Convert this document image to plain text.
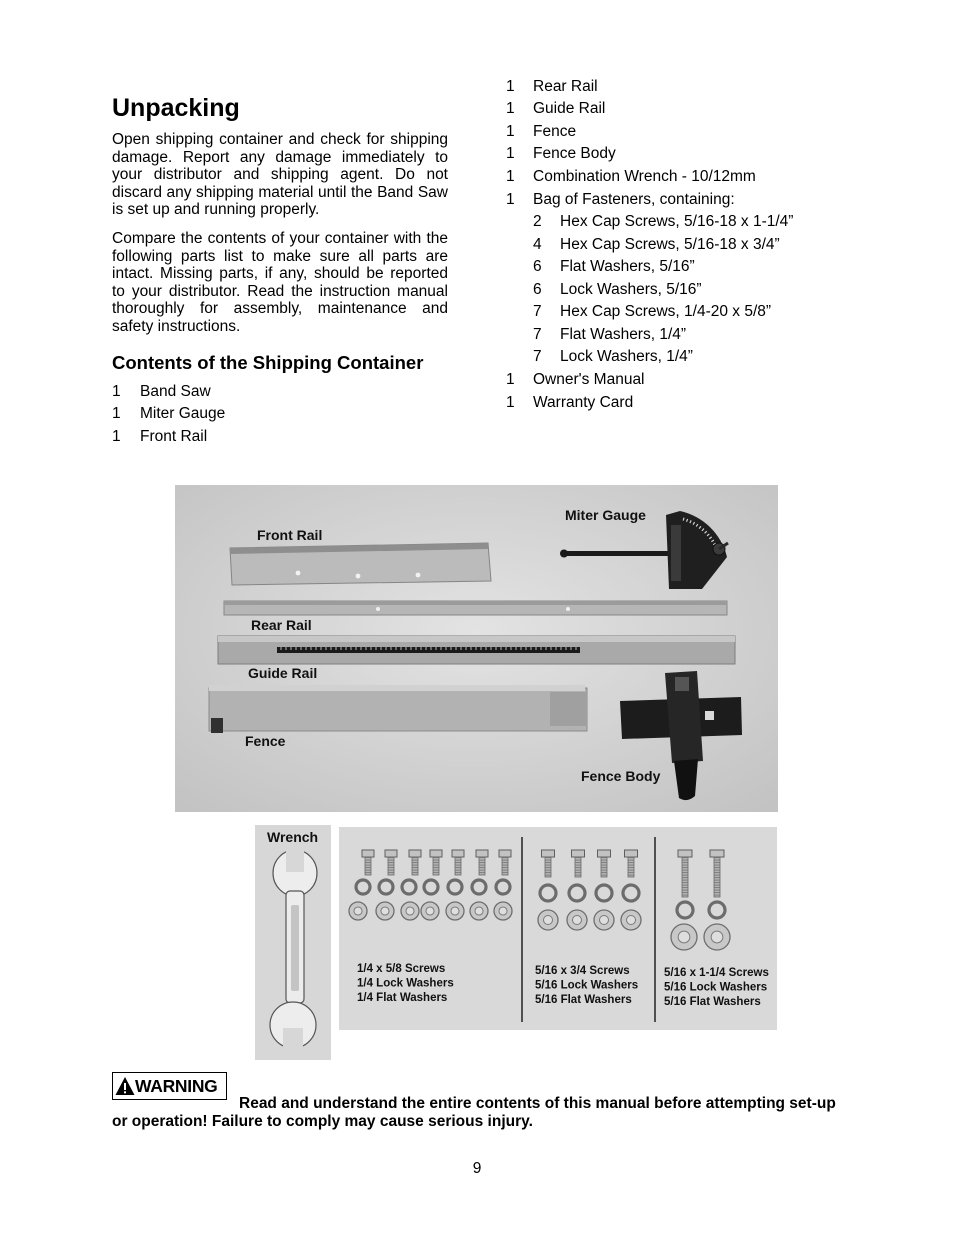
Unpacking

Open shipping container and check for shipping damage. Report any damage immediately to your distributor and shipping agent. Do not discard any shipping material until the Band Saw is set up and running properly.

Compare the contents of your container with the following parts list to make sure all parts are intact. Missing parts, if any, should be reported to your distributor. Read the instruction manual thoroughly for assembly, maintenance and safety instructions.

Contents of the Shipping Container
1	Band Saw
1	Miter Gauge
1	Front Rail
1	Rear Rail
1	Guide Rail
1	Fence
1	Fence Body
1	Combination Wrench - 10/12mm
1	Bag of Fasteners, containing:
2	Hex Cap Screws, 5/16-18 x 1-1/4”
4	Hex Cap Screws, 5/16-18 x 3/4”
6	Flat Washers, 5/16”
6	Lock Washers, 5/16”
7	Hex Cap Screws, 1/4-20 x 5/8”
7	Flat Washers, 1/4”
7	Lock Washers, 1/4”
1	Owner's Manual
1	Warranty Card
Front Rail
Miter Gauge
Rear Rail
Guide Rail
Fence
Fence Body
Wrench
1/4 x 5/8 Screws
1/4 Lock Washers
1/4 Flat Washers
5/16 x 3/4 Screws
5/16 Lock Washers
5/16 Flat Washers
5/16 x 1-1/4 Screws
5/16 Lock Washers
5/16 Flat Washers
WARNING

Read and understand the entire contents of this manual before attempting set-up or operation! Failure to comply may cause serious injury.

9
